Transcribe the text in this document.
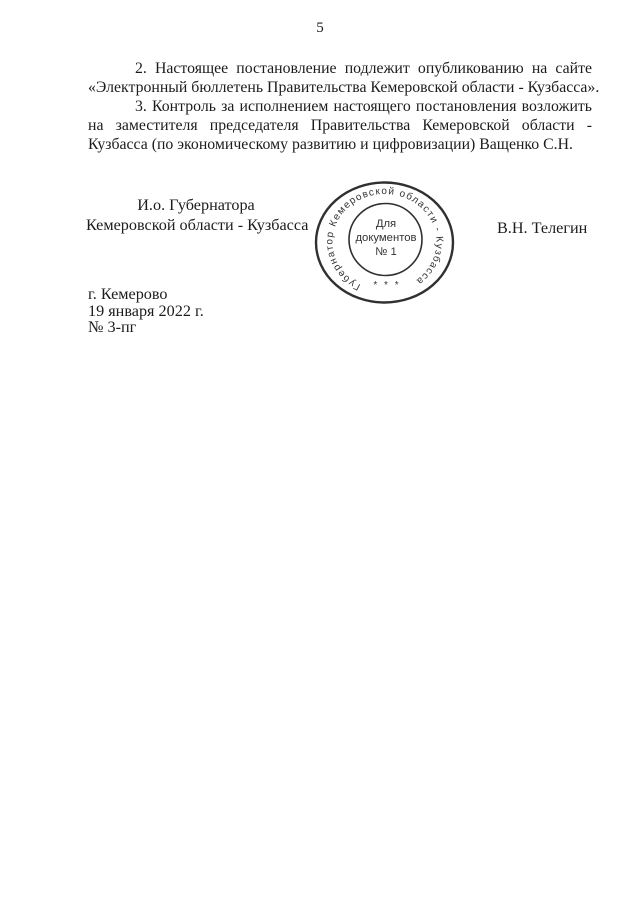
5
2. Настоящее постановление подлежит опубликованию на сайте
«Электронный бюллетень Правительства Кемеровской области - Кузбасса».
3. Контроль за исполнением настоящего постановления возложить
на заместителя председателя Правительства Кемеровской области -
Кузбасса (по экономическому развитию и цифровизации) Ващенко С.Н.
И.о. Губернатора
Кемеровской области - Кузбасса	В.Н. Телегин
Губернатор Кемеровской области - Кузбасса
Для
документов
№ 1
* * *
г. Кемерово
19 января 2022 г.
№ 3-пг
